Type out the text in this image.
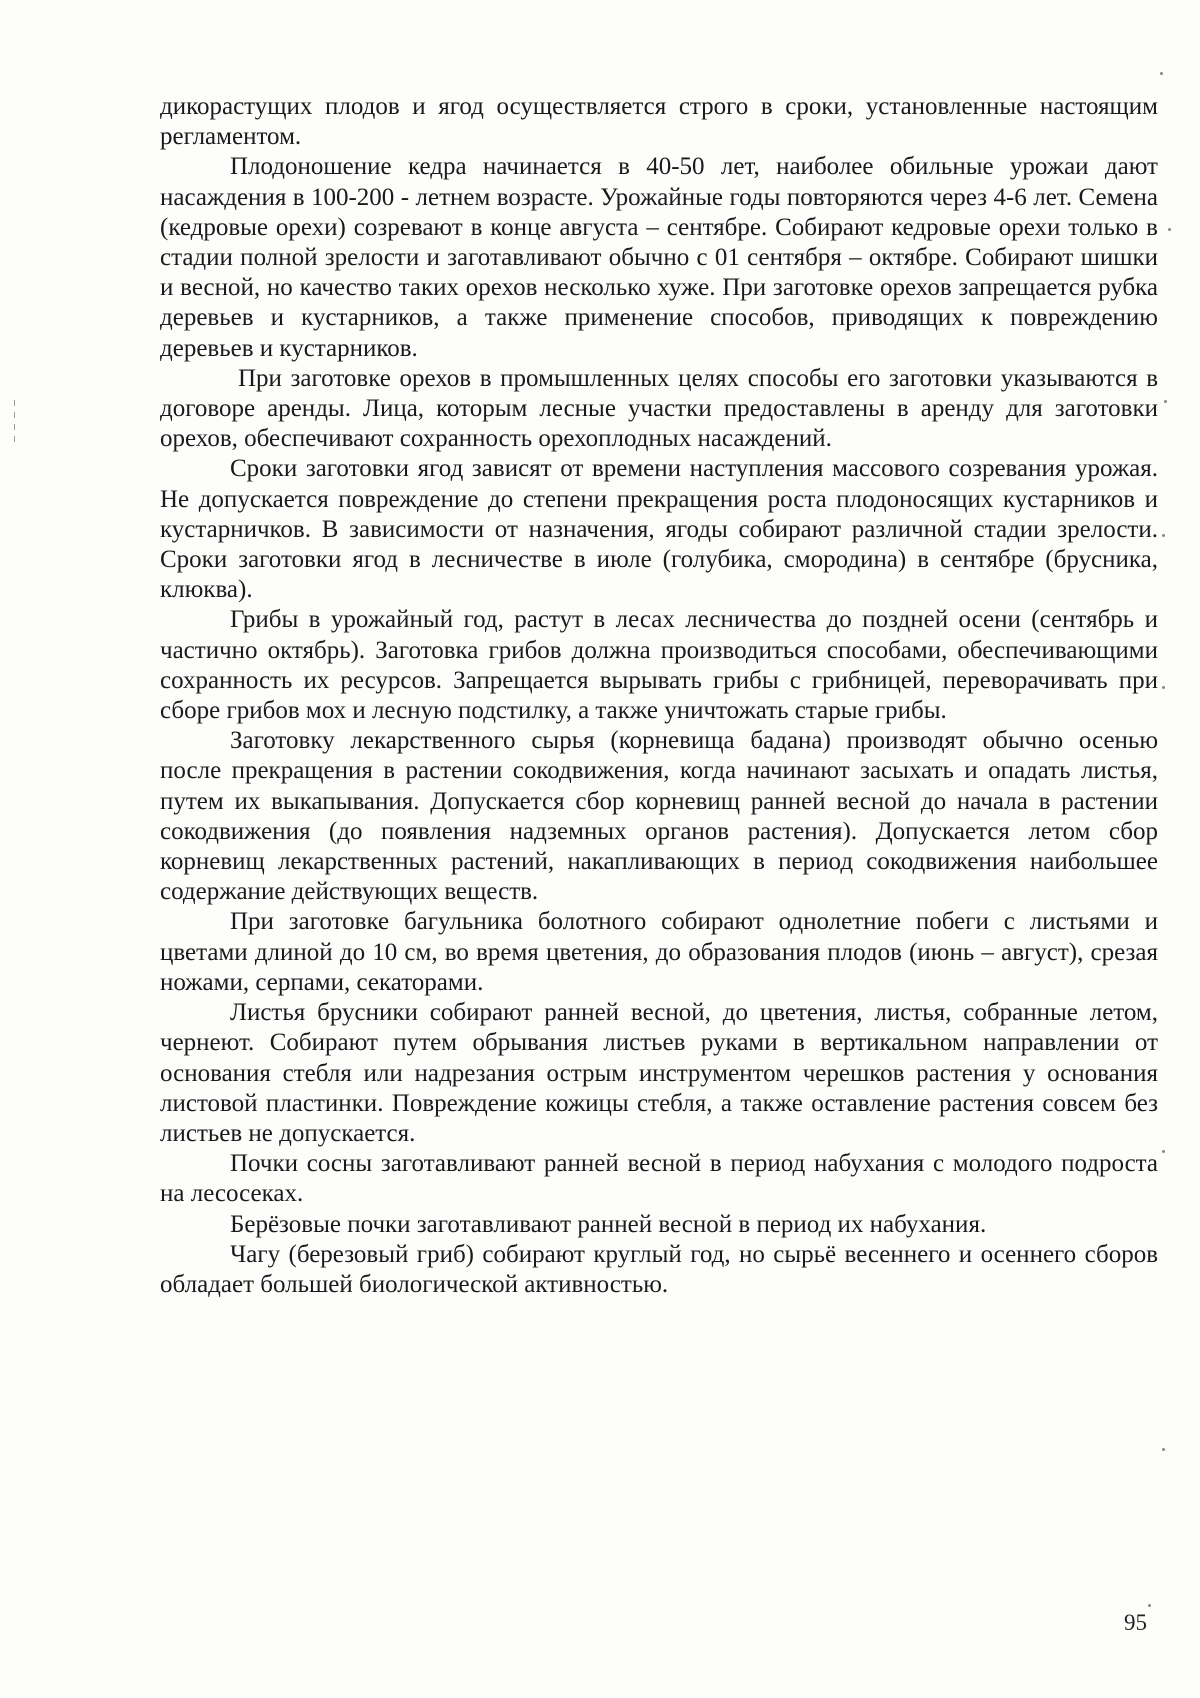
дикорастущих плодов и ягод осуществляется строго в сроки, установленные настоящим регламентом.

Плодоношение кедра начинается в 40-50 лет, наиболее обильные урожаи дают насаждения в 100-200 - летнем возрасте. Урожайные годы повторяются через 4-6 лет. Семена (кедровые орехи) созревают в конце августа – сентябре. Собирают кедровые орехи только в стадии полной зрелости и заготавливают обычно с 01 сентября – октябре. Собирают шишки и весной, но качество таких орехов несколько хуже. При заготовке орехов запрещается рубка деревьев и кустарников, а также применение способов, приводящих к повреждению деревьев и кустарников.

При заготовке орехов в промышленных целях способы его заготовки указываются в договоре аренды. Лица, которым лесные участки предоставлены в аренду для заготовки орехов, обеспечивают сохранность орехоплодных насаждений.

Сроки заготовки ягод зависят от времени наступления массового созревания урожая. Не допускается повреждение до степени прекращения роста плодоносящих кустарников и кустарничков. В зависимости от назначения, ягоды собирают различной стадии зрелости. Сроки заготовки ягод в лесничестве в июле (голубика, смородина) в сентябре (брусника, клюква).

Грибы в урожайный год, растут в лесах лесничества до поздней осени (сентябрь и частично октябрь). Заготовка грибов должна производиться способами, обеспечивающими сохранность их ресурсов. Запрещается вырывать грибы с грибницей, переворачивать при сборе грибов мох и лесную подстилку, а также уничтожать старые грибы.

Заготовку лекарственного сырья (корневища бадана) производят обычно осенью после прекращения в растении сокодвижения, когда начинают засыхать и опадать листья, путем их выкапывания. Допускается сбор корневищ ранней весной до начала в растении сокодвижения (до появления надземных органов растения). Допускается летом сбор корневищ лекарственных растений, накапливающих в период сокодвижения наибольшее содержание действующих веществ.

При заготовке багульника болотного собирают однолетние побеги с листьями и цветами длиной до 10 см, во время цветения, до образования плодов (июнь – август), срезая ножами, серпами, секаторами.

Листья брусники собирают ранней весной, до цветения, листья, собранные летом, чернеют. Собирают путем обрывания листьев руками в вертикальном направлении от основания стебля или надрезания острым инструментом черешков растения у основания листовой пластинки. Повреждение кожицы стебля, а также оставление растения совсем без листьев не допускается.

Почки сосны заготавливают ранней весной в период набухания с молодого подроста на лесосеках.

Берёзовые почки заготавливают ранней весной в период их набухания.

Чагу (березовый гриб) собирают круглый год, но сырьё весеннего и осеннего сборов обладает большей биологической активностью.

95
